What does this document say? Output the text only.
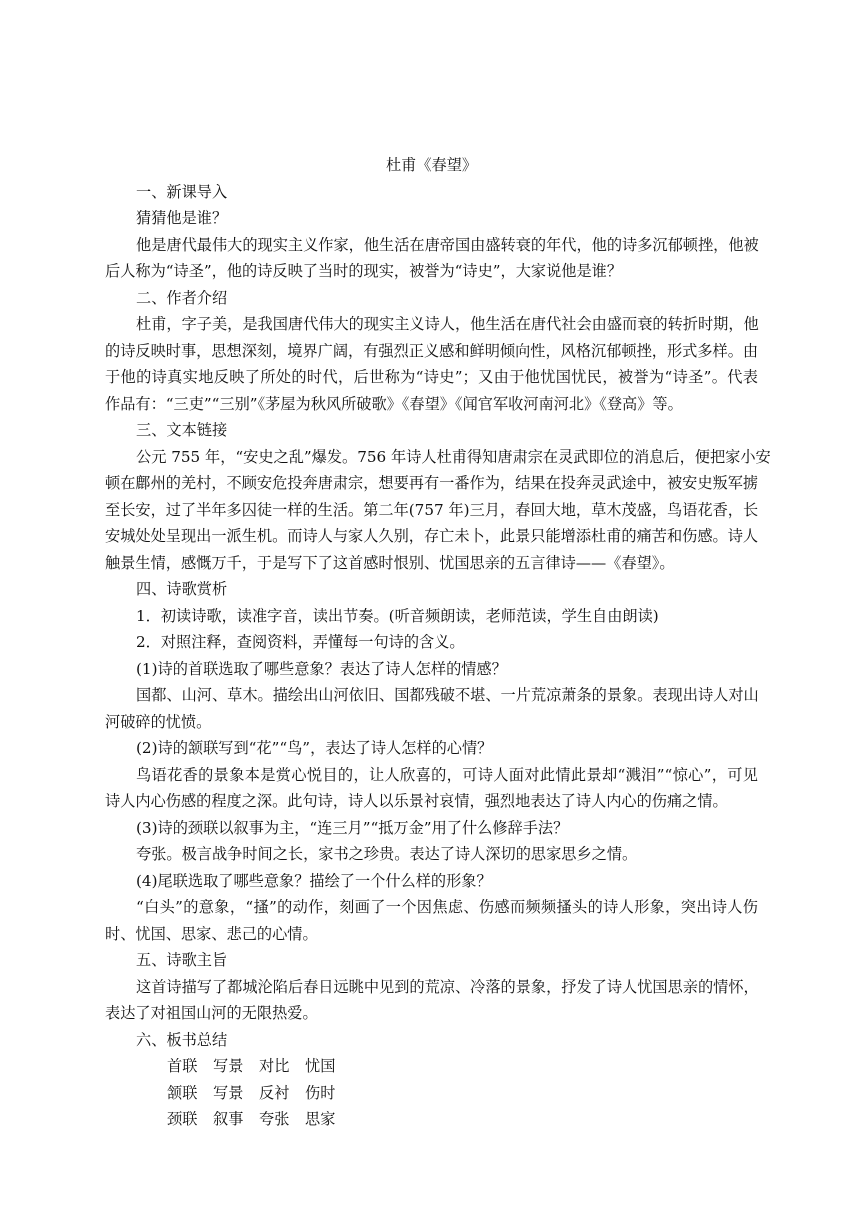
杜甫《春望》
一、新课导入
猜猜他是谁？
他是唐代最伟大的现实主义作家，他生活在唐帝国由盛转衰的年代，他的诗多沉郁顿挫，他被
后人称为“诗圣”，他的诗反映了当时的现实，被誉为“诗史”，大家说他是谁？
二、作者介绍
杜甫，字子美，是我国唐代伟大的现实主义诗人，他生活在唐代社会由盛而衰的转折时期，他
的诗反映时事，思想深刻，境界广阔，有强烈正义感和鲜明倾向性，风格沉郁顿挫，形式多样。由
于他的诗真实地反映了所处的时代，后世称为“诗史”；又由于他忧国忧民，被誉为“诗圣”。代表
作品有：“三吏”“三别”《茅屋为秋风所破歌》《春望》《闻官军收河南河北》《登高》等。
三、文本链接
公元 755 年，“安史之乱”爆发。756 年诗人杜甫得知唐肃宗在灵武即位的消息后，便把家小安
顿在鄜州的羌村，不顾安危投奔唐肃宗，想要再有一番作为，结果在投奔灵武途中，被安史叛军掳
至长安，过了半年多囚徒一样的生活。第二年(757 年)三月，春回大地，草木茂盛，鸟语花香，长
安城处处呈现出一派生机。而诗人与家人久别，存亡未卜，此景只能增添杜甫的痛苦和伤感。诗人
触景生情，感慨万千，于是写下了这首感时恨别、忧国思亲的五言律诗——《春望》。
四、诗歌赏析
1．初读诗歌，读准字音，读出节奏。(听音频朗读，老师范读，学生自由朗读)
2．对照注释，查阅资料，弄懂每一句诗的含义。
(1)诗的首联选取了哪些意象？表达了诗人怎样的情感？
国都、山河、草木。描绘出山河依旧、国都残破不堪、一片荒凉萧条的景象。表现出诗人对山
河破碎的忧愤。
(2)诗的颔联写到“花”“鸟”，表达了诗人怎样的心情？
鸟语花香的景象本是赏心悦目的，让人欣喜的，可诗人面对此情此景却“溅泪”“惊心”，可见
诗人内心伤感的程度之深。此句诗，诗人以乐景衬哀情，强烈地表达了诗人内心的伤痛之情。
(3)诗的颈联以叙事为主，“连三月”“抵万金”用了什么修辞手法？
夸张。极言战争时间之长，家书之珍贵。表达了诗人深切的思家思乡之情。
(4)尾联选取了哪些意象？描绘了一个什么样的形象？
“白头”的意象，“搔”的动作，刻画了一个因焦虑、伤感而频频搔头的诗人形象，突出诗人伤
时、忧国、思家、悲己的心情。
五、诗歌主旨
这首诗描写了都城沦陷后春日远眺中见到的荒凉、冷落的景象，抒发了诗人忧国思亲的情怀，
表达了对祖国山河的无限热爱。
六、板书总结
首联 写景 对比 忧国
颔联 写景 反衬 伤时
颈联 叙事 夸张 思家
